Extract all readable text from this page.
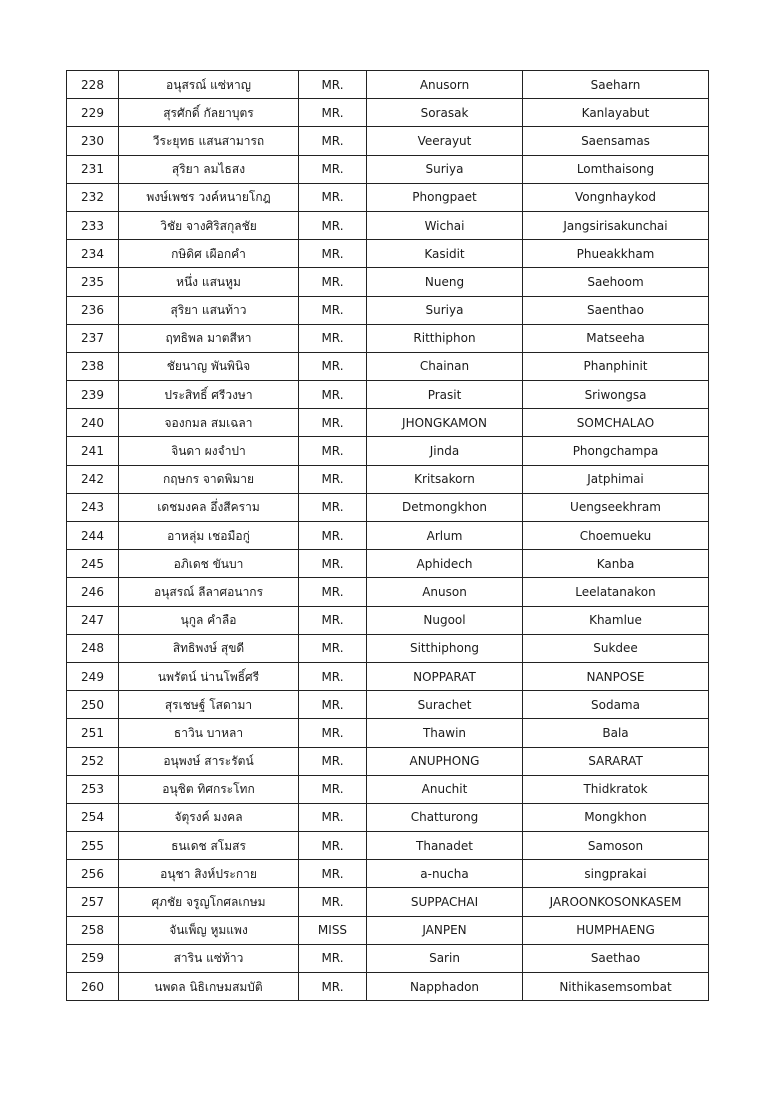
228	อนุสรณ์ แซ่หาญ	MR.	Anusorn	Saeharn
229	สุรศักดิ์ กัลยาบุตร	MR.	Sorasak	Kanlayabut
230	วีระยุทธ แสนสามารถ	MR.	Veerayut	Saensamas
231	สุริยา ลมไธสง	MR.	Suriya	Lomthaisong
232	พงษ์เพชร วงค์หนายโกฎ	MR.	Phongpaet	Vongnhaykod
233	วิชัย จางศิริสกุลชัย	MR.	Wichai	Jangsirisakunchai
234	กษิดิศ เผือกคำ	MR.	Kasidit	Phueakkham
235	หนึ่ง แสนหูม	MR.	Nueng	Saehoom
236	สุริยา แสนท้าว	MR.	Suriya	Saenthao
237	ฤทธิพล มาตสีหา	MR.	Ritthiphon	Matseeha
238	ชัยนาญ พันพินิจ	MR.	Chainan	Phanphinit
239	ประสิทธิ์ ศรีวงษา	MR.	Prasit	Sriwongsa
240	จองกมล สมเฉลา	MR.	JHONGKAMON	SOMCHALAO
241	จินดา ผงจำปา	MR.	Jinda	Phongchampa
242	กฤษกร จาดพิมาย	MR.	Kritsakorn	Jatphimai
243	เดชมงคล อึ่งสีคราม	MR.	Detmongkhon	Uengseekhram
244	อาหลุ่ม เชอมือกู่	MR.	Arlum	Choemueku
245	อภิเดช ขันบา	MR.	Aphidech	Kanba
246	อนุสรณ์ ลีลาศอนากร	MR.	Anuson	Leelatanakon
247	นุกูล คำลือ	MR.	Nugool	Khamlue
248	สิทธิพงษ์ สุขดี	MR.	Sitthiphong	Sukdee
249	นพรัตน์ น่านโพธิ์ศรี	MR.	NOPPARAT	NANPOSE
250	สุรเชษฐ์ โสดามา	MR.	Surachet	Sodama
251	ธาวิน บาหลา	MR.	Thawin	Bala
252	อนุพงษ์ สาระรัตน์	MR.	ANUPHONG	SARARAT
253	อนุชิต ทิศกระโทก	MR.	Anuchit	Thidkratok
254	จัตุรงค์ มงคล	MR.	Chatturong	Mongkhon
255	ธนเดช สโมสร	MR.	Thanadet	Samoson
256	อนุชา สิงห์ประกาย	MR.	a-nucha	singprakai
257	ศุภชัย จรูญโกศลเกษม	MR.	SUPPACHAI	JAROONKOSONKASEM
258	จันเพ็ญ หูมแพง	MISS	JANPEN	HUMPHAENG
259	สาริน แซ่ท้าว	MR.	Sarin	Saethao
260	นพดล นิธิเกษมสมบัติ	MR.	Napphadon	Nithikasemsombat
